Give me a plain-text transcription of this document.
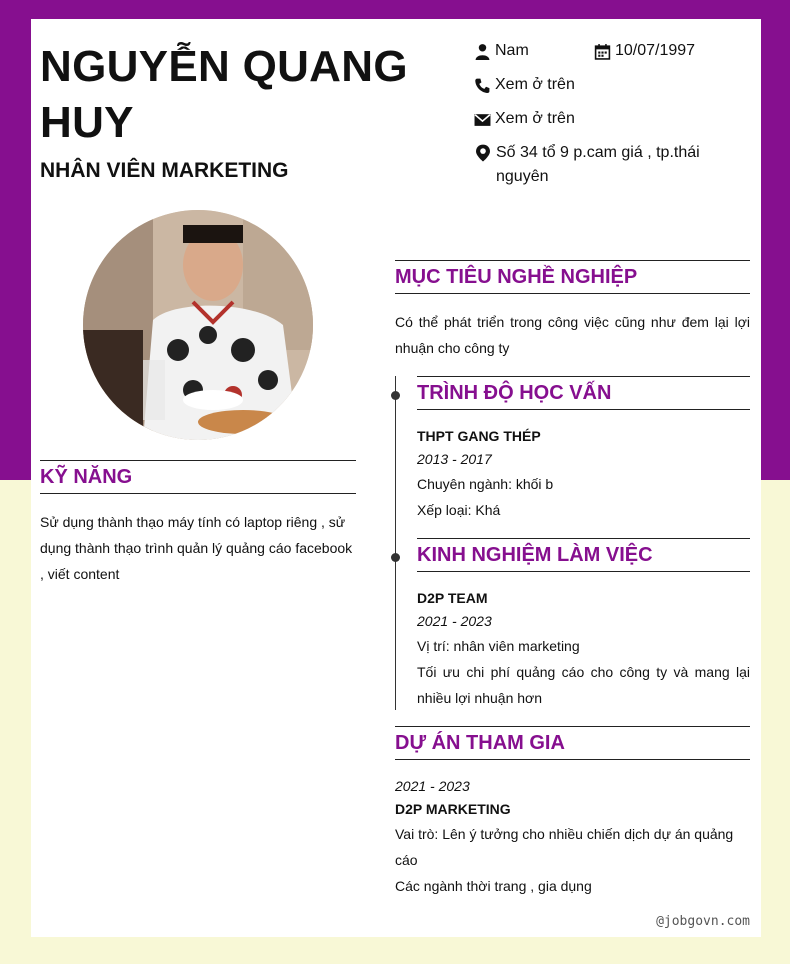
NGUYỄN QUANG HUY
NHÂN VIÊN MARKETING
Nam	10/07/1997
Xem ở trên
Xem ở trên
Số 34 tổ 9 p.cam giá , tp.thái nguyên
KỸ NĂNG
Sử dụng thành thạo máy tính có laptop riêng , sử dụng thành thạo trình quản lý quảng cáo facebook , viết content
MỤC TIÊU NGHỀ NGHIỆP
Có thể phát triển trong công việc cũng như đem lại lợi nhuận cho công ty
TRÌNH ĐỘ HỌC VẤN
THPT GANG THÉP
2013 - 2017
Chuyên ngành: khối b
Xếp loại: Khá
KINH NGHIỆM LÀM VIỆC
D2P TEAM
2021 - 2023
Vị trí: nhân viên marketing
Tối ưu chi phí quảng cáo cho công ty và mang lại nhiều lợi nhuận hơn
DỰ ÁN THAM GIA
2021 - 2023
D2P MARKETING
Vai trò: Lên ý tưởng cho nhiều chiến dịch dự án quảng cáo
Các ngành thời trang , gia dụng
@jobgovn.com
